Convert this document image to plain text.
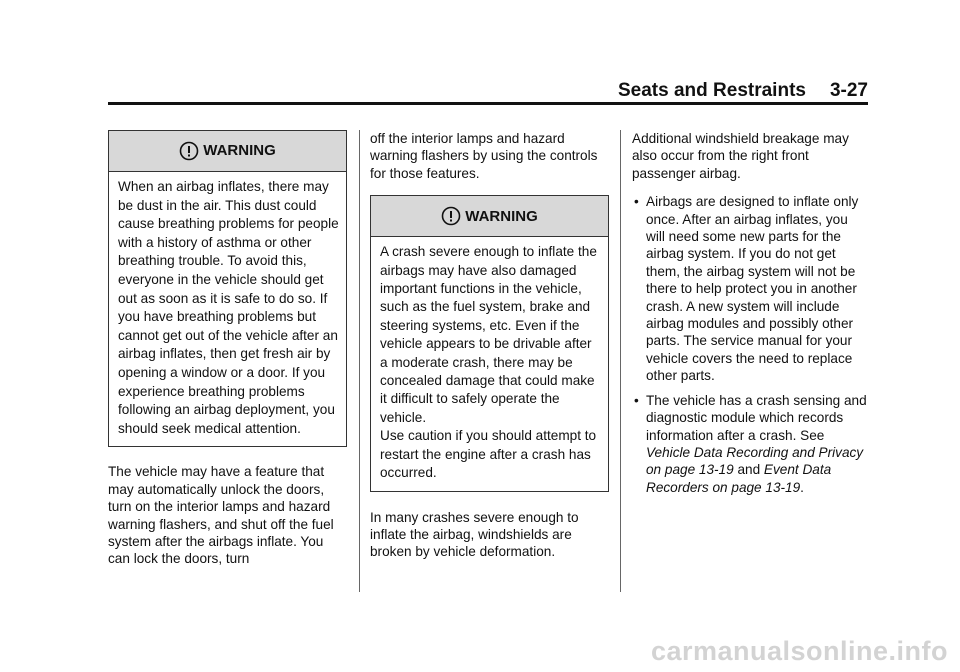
Seats and Restraints 3-27
WARNING

When an airbag inflates, there may be dust in the air. This dust could cause breathing problems for people with a history of asthma or other breathing trouble. To avoid this, everyone in the vehicle should get out as soon as it is safe to do so. If you have breathing problems but cannot get out of the vehicle after an airbag inflates, then get fresh air by opening a window or a door. If you experience breathing problems following an airbag deployment, you should seek medical attention.

The vehicle may have a feature that may automatically unlock the doors, turn on the interior lamps and hazard warning flashers, and shut off the fuel system after the airbags inflate. You can lock the doors, turn

off the interior lamps and hazard warning flashers by using the controls for those features.

WARNING

A crash severe enough to inflate the airbags may have also damaged important functions in the vehicle, such as the fuel system, brake and steering systems, etc. Even if the vehicle appears to be drivable after a moderate crash, there may be concealed damage that could make it difficult to safely operate the vehicle.

Use caution if you should attempt to restart the engine after a crash has occurred.

In many crashes severe enough to inflate the airbag, windshields are broken by vehicle deformation.

Additional windshield breakage may also occur from the right front passenger airbag.

• Airbags are designed to inflate only once. After an airbag inflates, you will need some new parts for the airbag system. If you do not get them, the airbag system will not be there to help protect you in another crash. A new system will include airbag modules and possibly other parts. The service manual for your vehicle covers the need to replace other parts.
• The vehicle has a crash sensing and diagnostic module which records information after a crash. See Vehicle Data Recording and Privacy on page 13-19 and Event Data Recorders on page 13-19.
carmanualsonline.info
